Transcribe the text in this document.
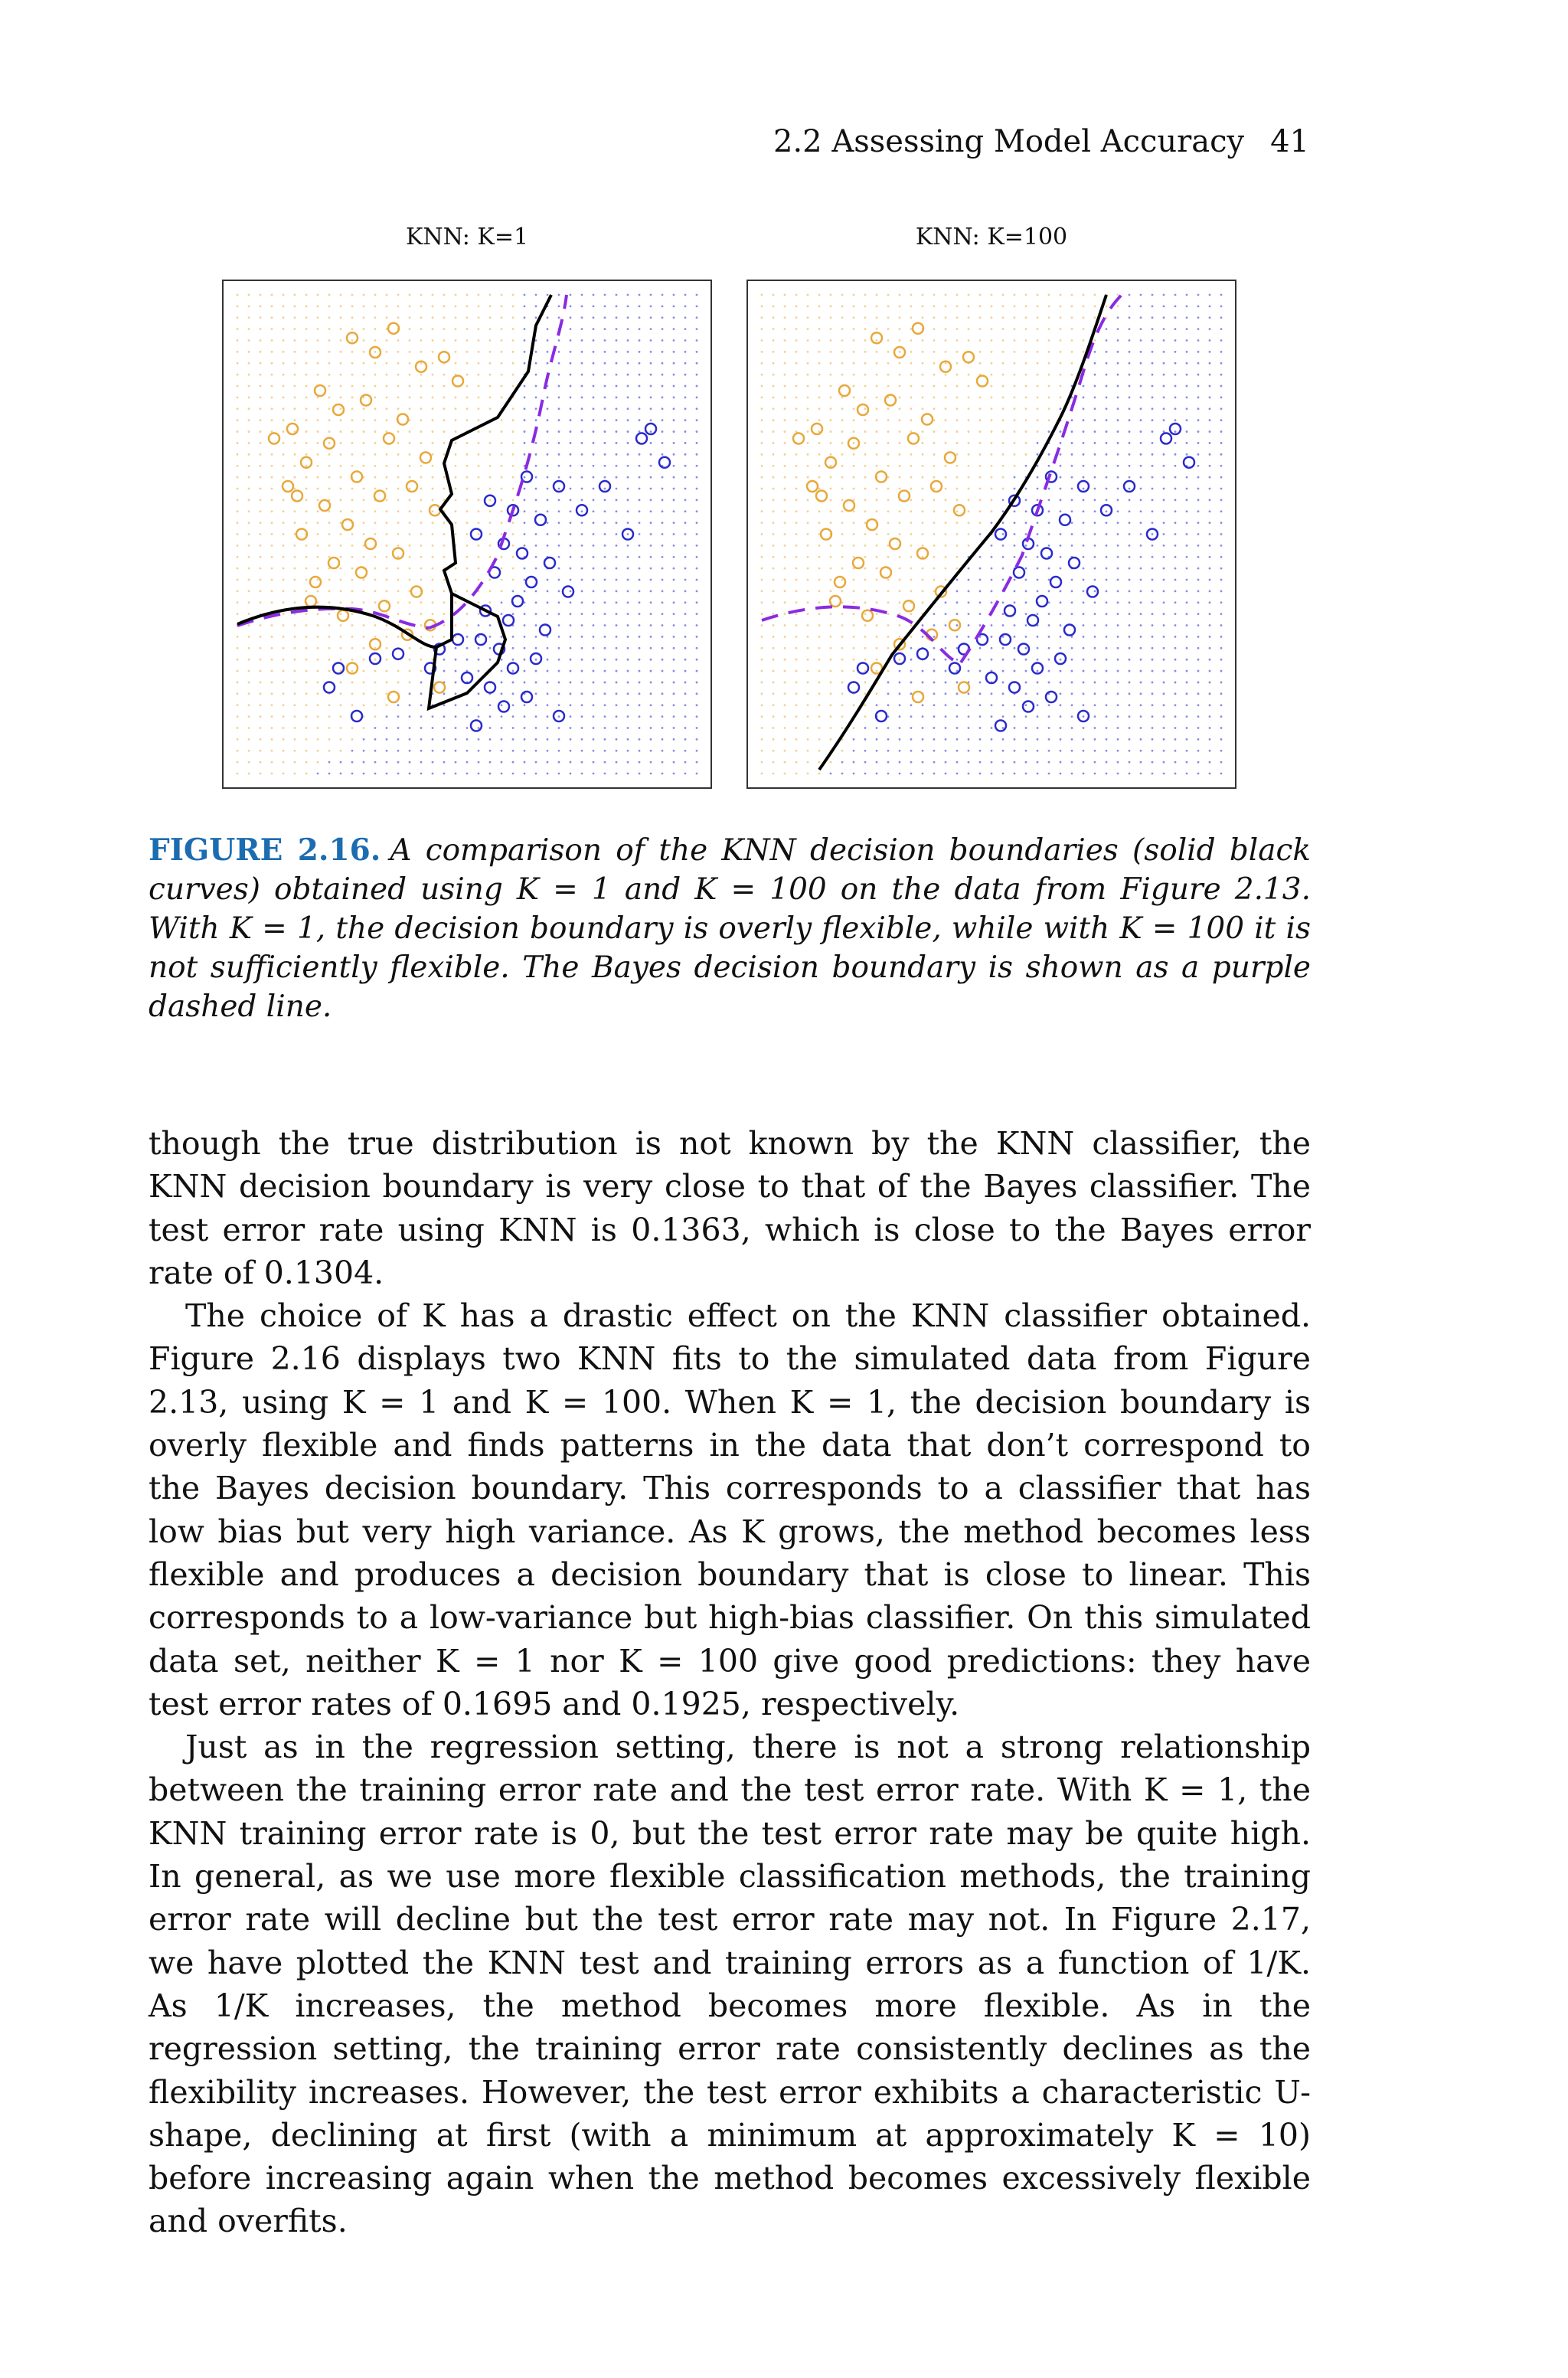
2.2 Assessing Model Accuracy 41
KNN: K=1	KNN: K=100
FIGURE 2.16. A comparison of the KNN decision boundaries (solid black curves) obtained using K = 1 and K = 100 on the data from Figure 2.13. With K = 1, the decision boundary is overly flexible, while with K = 100 it is not sufficiently flexible. The Bayes decision boundary is shown as a purple dashed line.

though the true distribution is not known by the KNN classifier, the KNN decision boundary is very close to that of the Bayes classifier. The test error rate using KNN is 0.1363, which is close to the Bayes error rate of 0.1304.

The choice of K has a drastic effect on the KNN classifier obtained. Figure 2.16 displays two KNN fits to the simulated data from Figure 2.13, using K = 1 and K = 100. When K = 1, the decision boundary is overly flexible and finds patterns in the data that don’t correspond to the Bayes decision boundary. This corresponds to a classifier that has low bias but very high variance. As K grows, the method becomes less flexible and produces a decision boundary that is close to linear. This corresponds to a low-variance but high-bias classifier. On this simulated data set, neither K = 1 nor K = 100 give good predictions: they have test error rates of 0.1695 and 0.1925, respectively.

Just as in the regression setting, there is not a strong relationship between the training error rate and the test error rate. With K = 1, the KNN training error rate is 0, but the test error rate may be quite high. In general, as we use more flexible classification methods, the training error rate will decline but the test error rate may not. In Figure 2.17, we have plotted the KNN test and training errors as a function of 1/K. As 1/K increases, the method becomes more flexible. As in the regression setting, the training error rate consistently declines as the flexibility increases. However, the test error exhibits a characteristic U-shape, declining at first (with a minimum at approximately K = 10) before increasing again when the method becomes excessively flexible and overfits.
